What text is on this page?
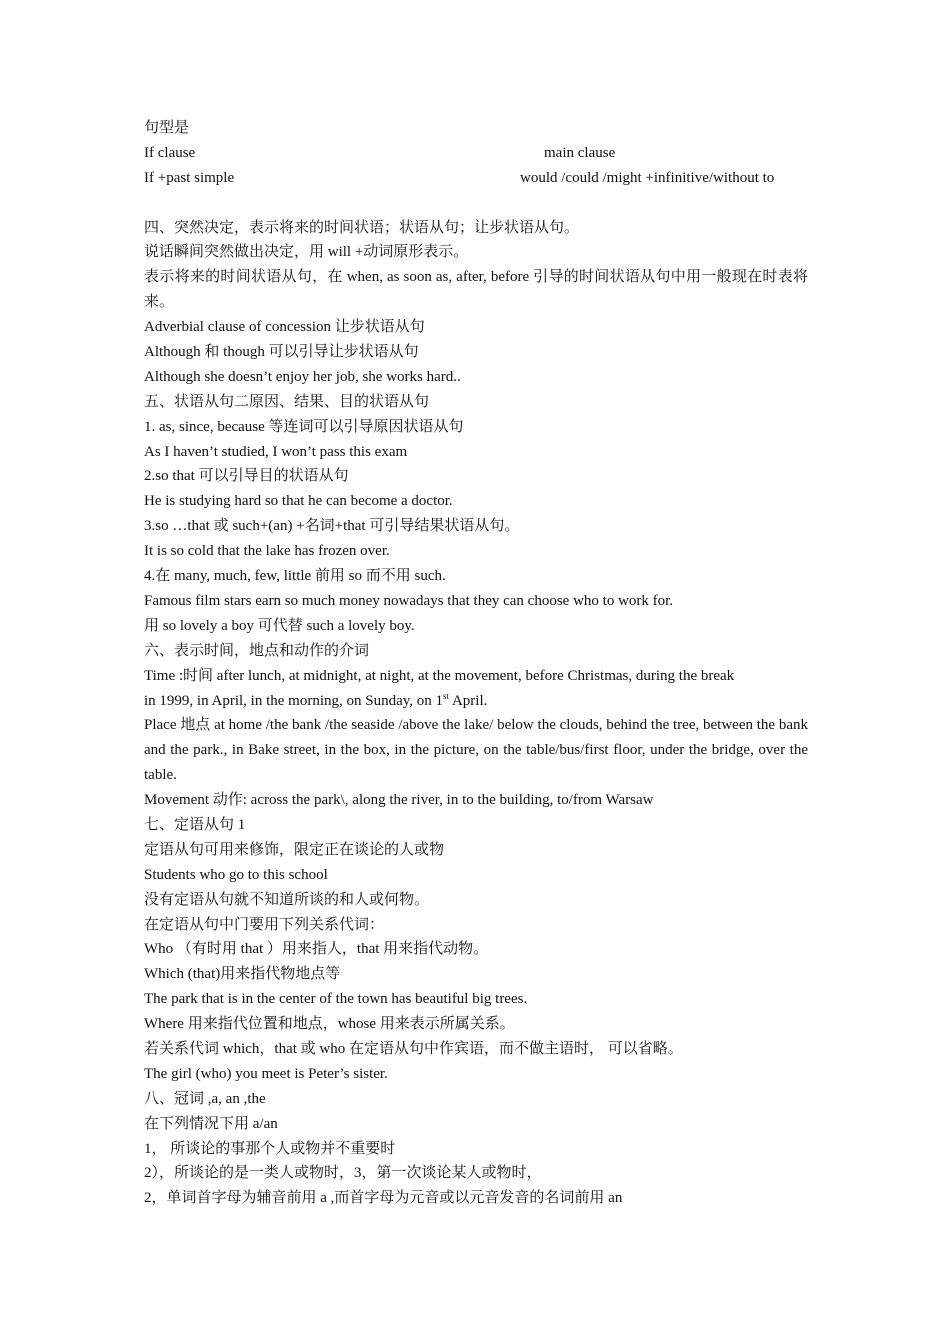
句型是
If clause	main clause
If +past simple	would /could /might +infinitive/without to
四、突然决定，表示将来的时间状语；状语从句；让步状语从句。
说话瞬间突然做出决定，用 will +动词原形表示。
表示将来的时间状语从句，在 when, as soon as, after, before 引导的时间状语从句中用一般现在时表将来。
Adverbial clause of concession 让步状语从句
Although 和 though 可以引导让步状语从句
Although she doesn’t enjoy her job, she works hard..
五、状语从句二原因、结果、目的状语从句
1. as, since, because 等连词可以引导原因状语从句
As I haven’t studied, I won’t pass this exam
2.so that 可以引导目的状语从句
He is studying hard so that he can become a doctor.
3.so …that 或 such+(an) +名词+that 可引导结果状语从句。
It is so cold that the lake has frozen over.
4.在 many, much, few, little 前用 so 而不用 such.
Famous film stars earn so much money nowadays that they can choose who to work for.
用 so lovely a boy 可代替 such a lovely boy.
六、表示时间，地点和动作的介词
Time :时间 after lunch, at midnight, at night, at the movement, before Christmas, during the break
in 1999, in April, in the morning, on Sunday, on 1st April.
Place 地点 at home /the bank /the seaside /above the lake/ below the clouds, behind the tree, between the bank and the park., in Bake street, in the box, in the picture, on the table/bus/first floor, under the bridge, over the table.
Movement 动作: across the park\, along the river, in to the building, to/from Warsaw
七、定语从句 1
定语从句可用来修饰，限定正在谈论的人或物
Students who go to this school
没有定语从句就不知道所谈的和人或何物。
在定语从句中门要用下列关系代词：
Who （有时用 that ）用来指人，that 用来指代动物。
Which (that)用来指代物地点等
The park that is in the center of the town has beautiful big trees.
Where 用来指代位置和地点，whose 用来表示所属关系。
若关系代词 which，that 或 who 在定语从句中作宾语，而不做主语时， 可以省略。
The girl (who) you meet is Peter’s sister.
八、冠词 ,a, an ,the
在下列情况下用 a/an
1， 所谈论的事那个人或物并不重要时
2），所谈论的是一类人或物时，3，第一次谈论某人或物时，
2，单词首字母为辅音前用 a ,而首字母为元音或以元音发音的名词前用 an
